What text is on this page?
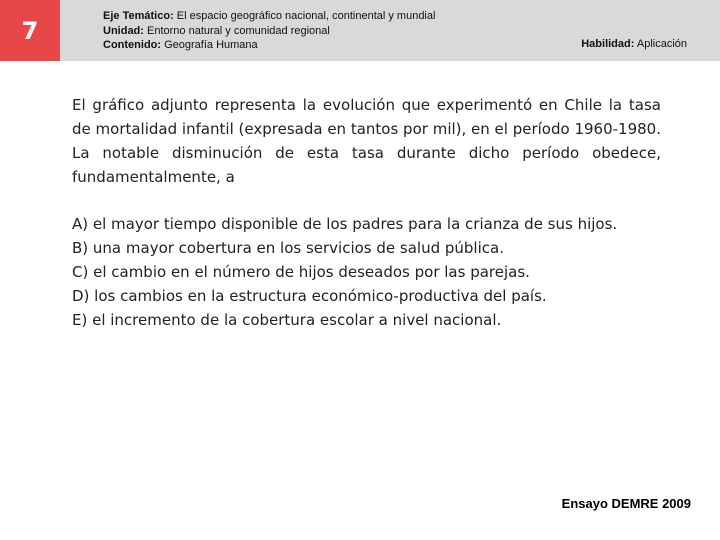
7
Eje Temático: El espacio geográfico nacional, continental y mundial
Unidad: Entorno natural y comunidad regional
Contenido: Geografía Humana	Habilidad: Aplicación
El gráfico adjunto representa la evolución que experimentó en Chile la tasa de mortalidad infantil (expresada en tantos por mil), en el período 1960-1980. La notable disminución de esta tasa durante dicho período obedece, fundamentalmente, a
A) el mayor tiempo disponible de los padres para la crianza de sus hijos.
B) una mayor cobertura en los servicios de salud pública.
C) el cambio en el número de hijos deseados por las parejas.
D) los cambios en la estructura económico-productiva del país.
E) el incremento de la cobertura escolar a nivel nacional.
Ensayo DEMRE 2009
